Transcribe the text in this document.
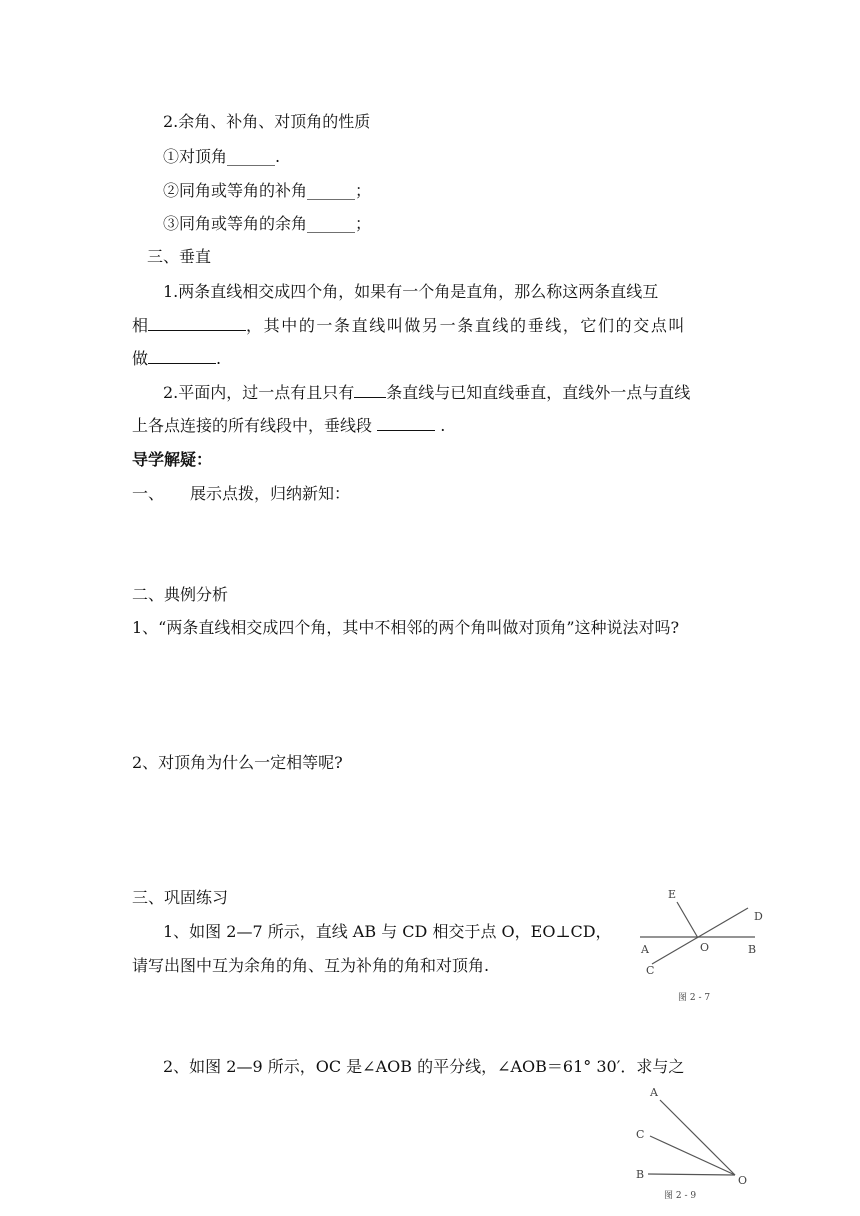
2.余角、补角、对顶角的性质
①对顶角______.
②同角或等角的补角______；
③同角或等角的余角______；
三、垂直
1.两条直线相交成四个角，如果有一个角是直角，那么称这两条直线互
相	，其中的一条直线叫做另一条直线的垂线，它们的交点叫
做	.
2.平面内，过一点有且只有 条直线与已知直线垂直，直线外一点与直线
上各点连接的所有线段中，垂线段	.
导学解疑：
一、 展示点拨，归纳新知：
二、典例分析
1、“两条直线相交成四个角，其中不相邻的两个角叫做对顶角”这种说法对吗?
2、对顶角为什么一定相等呢?
三、巩固练习
1、如图 2—7 所示，直线 AB 与 CD 相交于点 O，EO⊥CD，
请写出图中互为余角的角、互为补角的角和对顶角.
2、如图 2—9 所示，OC 是∠AOB 的平分线，∠AOB＝61° 30′．求与之
E
D
A	O	B
C
图 2 - 7
A
C
B	O
图 2 - 9
